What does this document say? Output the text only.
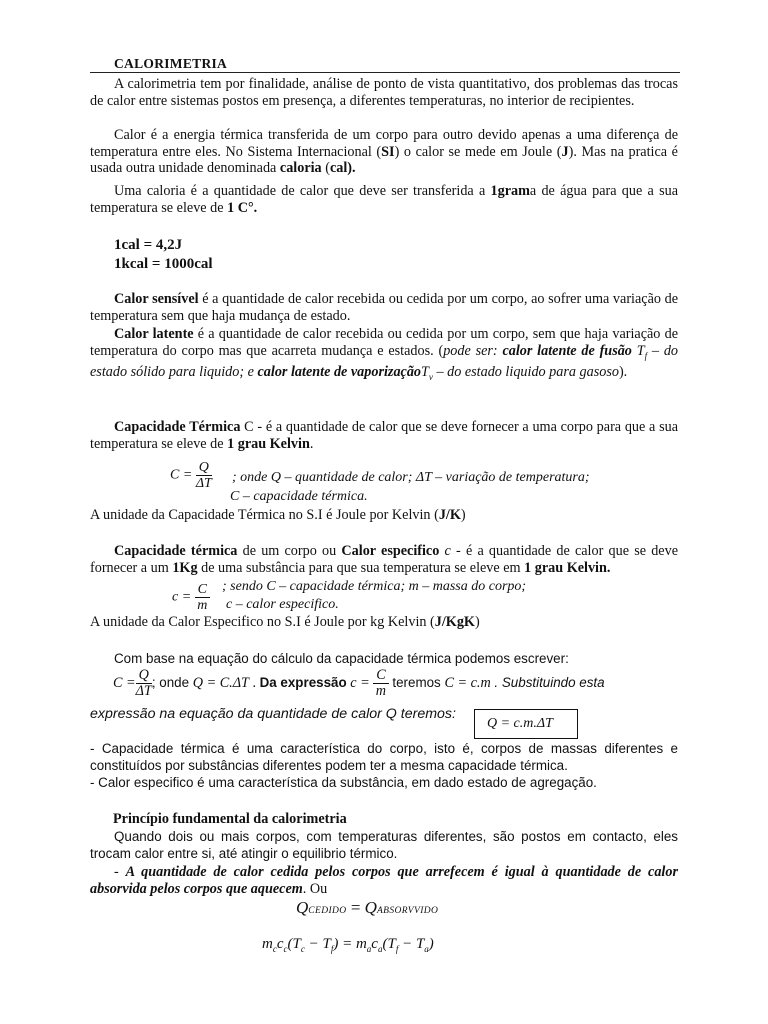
CALORIMETRIA
A calorimetria tem por finalidade, análise de ponto de vista quantitativo, dos problemas das trocas de calor entre sistemas postos em presença, a diferentes temperaturas, no interior de recipientes.
Calor é a energia térmica transferida de um corpo para outro devido apenas a uma diferença de temperatura entre eles. No Sistema Internacional (SI) o calor se mede em Joule (J). Mas na pratica é usada outra unidade denominada caloria (cal).
Uma caloria é a quantidade de calor que deve ser transferida a 1grama de água para que a sua temperatura se eleve de 1 C°.
1cal = 4,2J
1kcal = 1000cal
Calor sensível é a quantidade de calor recebida ou cedida por um corpo, ao sofrer uma variação de temperatura sem que haja mudança de estado.
Calor latente é a quantidade de calor recebida ou cedida por um corpo, sem que haja variação de temperatura do corpo mas que acarreta mudança e estados. (pode ser: calor latente de fusão $T_f$ – do estado sólido para liquido; e calor latente de vaporizaçãoT$_v$ – do estado liquido para gasoso).
Capacidade Térmica C - é a quantidade de calor que se deve fornecer a uma corpo para que a sua temperatura se eleve de 1 grau Kelvin.
$C = \frac{Q}{\Delta T}$ ; onde Q – quantidade de calor; ΔT – variação de temperatura;
C – capacidade térmica.
A unidade da Capacidade Térmica no S.I é Joule por Kelvin (J/K)
Capacidade térmica de um corpo ou Calor especifico c - é a quantidade de calor que se deve fornecer a um 1Kg de uma substância para que sua temperatura se eleve em 1 grau Kelvin.
$c = \frac{C}{m}$ ; sendo C – capacidade térmica; m – massa do corpo;
c – calor especifico.
A unidade da Calor Especifico no S.I é Joule por kg Kelvin (J/KgK)
Com base na equação do cálculo da capacidade térmica podemos escrever:
$C = \frac{Q}{\Delta T}$ ; onde Q = C.ΔT . Da expressão $c = \frac{C}{m}$ teremos C = c.m . Substituindo esta
expressão na equação da quantidade de calor Q teremos:
Q = c.m.ΔT
- Capacidade térmica é uma característica do corpo, isto é, corpos de massas diferentes e constituídos por substâncias diferentes podem ter a mesma capacidade térmica.
- Calor especifico é uma característica da substância, em dado estado de agregação.
Princípio fundamental da calorimetria
Quando dois ou mais corpos, com temperaturas diferentes, são postos em contacto, eles trocam calor entre si, até atingir o equilibrio térmico.
- A quantidade de calor cedida pelos corpos que arrefecem é igual à quantidade de calor absorvida pelos corpos que aquecem. Ou
QCEDIDO = QABSORVVIDO
$m_cc_c(T_c - T_f) = m_ac_a(T_f - T_a)$
